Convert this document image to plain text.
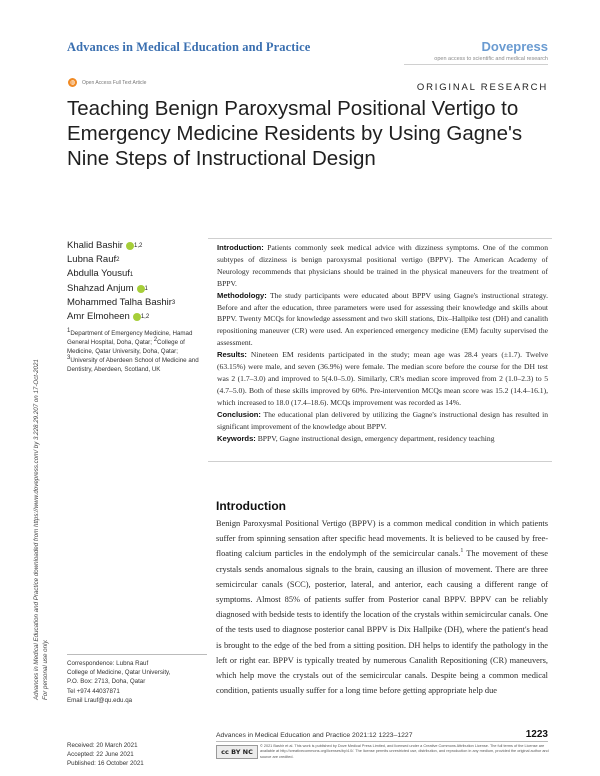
Advances in Medical Education and Practice	Dovepress
open access to scientific and medical research
◍	Open Access Full Text Article	ORIGINAL RESEARCH
Teaching Benign Paroxysmal Positional Vertigo to Emergency Medicine Residents by Using Gagne's Nine Steps of Instructional Design
Advances in Medical Education and Practice downloaded from https://www.dovepress.com/ by 3.228.29.207 on 17-Oct-2021 For personal use only.
Khalid Bashir 1,2
Lubna Rauf 2
Abdulla Yousuf 1
Shahzad Anjum 1
Mohammed Talha Bashir 3
Amr Elmoheen 1,2
$^1$Department of Emergency Medicine, Hamad General Hospital, Doha, Qatar; $^2$College of Medicine, Qatar University, Doha, Qatar; $^3$University of Aberdeen School of Medicine and Dentistry, Aberdeen, Scotland, UK

Introduction: Patients commonly seek medical advice with dizziness symptoms. One of the common subtypes of dizziness is benign paroxysmal positional vertigo (BPPV). The American Academy of Neurology recommends that physicians should be trained in the physical maneuvers for the treatment of BPPV.

Methodology: The study participants were educated about BPPV using Gagne's instructional strategy. Before and after the education, three parameters were used for assessing their knowledge and skills about BPPV. Twenty MCQs for knowledge assessment and two skill stations, Dix–Hallpike test (DH) and canalith repositioning maneuver (CR) were used. An experienced emergency medicine (EM) faculty supervised the assessment.

Results: Nineteen EM residents participated in the study; mean age was 28.4 years (±1.7). Twelve (63.15%) were male, and seven (36.9%) were female. The median score before the course for the DH test was 2 (1.7–3.0) and improved to 5(4.0–5.0). Similarly, CR's median score improved from 2 (1.0–2.3) to 5 (4.7–5.0). Both of these skills improved by 60%. Pre-intervention MCQs mean score was 15.2 (14.4–16.1), which increased to 18.0 (17.4–18.6). MCQs improvement was recorded as 14%.

Conclusion: The educational plan delivered by utilizing the Gagne's instructional design has resulted in significant improvement of the knowledge about BPPV.

Keywords: BPPV, Gagne instructional design, emergency department, residency teaching

Introduction

Benign Paroxysmal Positional Vertigo (BPPV) is a common medical condition in which patients suffer from spinning sensation after specific head movements. It is believed to be caused by free-floating calcium particles in the endolymph of the semicircular canals.$^1$ The movement of these crystals sends anomalous signals to the brain, causing an illusion of movement. There are three semicircular canals (SCC), posterior, lateral, and anterior, each causing a different range of symptoms. Almost 85% of patients suffer from Posterior canal BPPV. BPPV can be reliably diagnosed with bedside tests to identify the location of the crystals within semicircular canals. One of the tests used to diagnose posterior canal BPPV is Dix Hallpike (DH), where the patient's head is brought to the edge of the bed from a sitting position. DH helps to identify the pathology in the left or right ear. BPPV is typically treated by numerous Canalith Repositioning (CR) maneuvers, which help move the crystals out of the semicircular canals. Despite being a common medical condition, patients usually suffer for a long time before getting appropriate help due

Correspondence: Lubna Rauf
College of Medicine, Qatar University,
P.O. Box: 2713, Doha, Qatar
Tel +974 44037871
Email Lrauf@qu.edu.qa
Received: 20 March 2021
Accepted: 22 June 2021
Published: 16 October 2021
Advances in Medical Education and Practice 2021:12 1223–1227	1223
cc BY NC
© 2021 Bashir et al. This work is published by Dove Medical Press Limited, and licensed under a Creative Commons Attribution License. The full terms of the License are available at http://creativecommons.org/licenses/by/4.0/. The license permits unrestricted use, distribution, and reproduction in any medium, provided the original author and source are credited.
